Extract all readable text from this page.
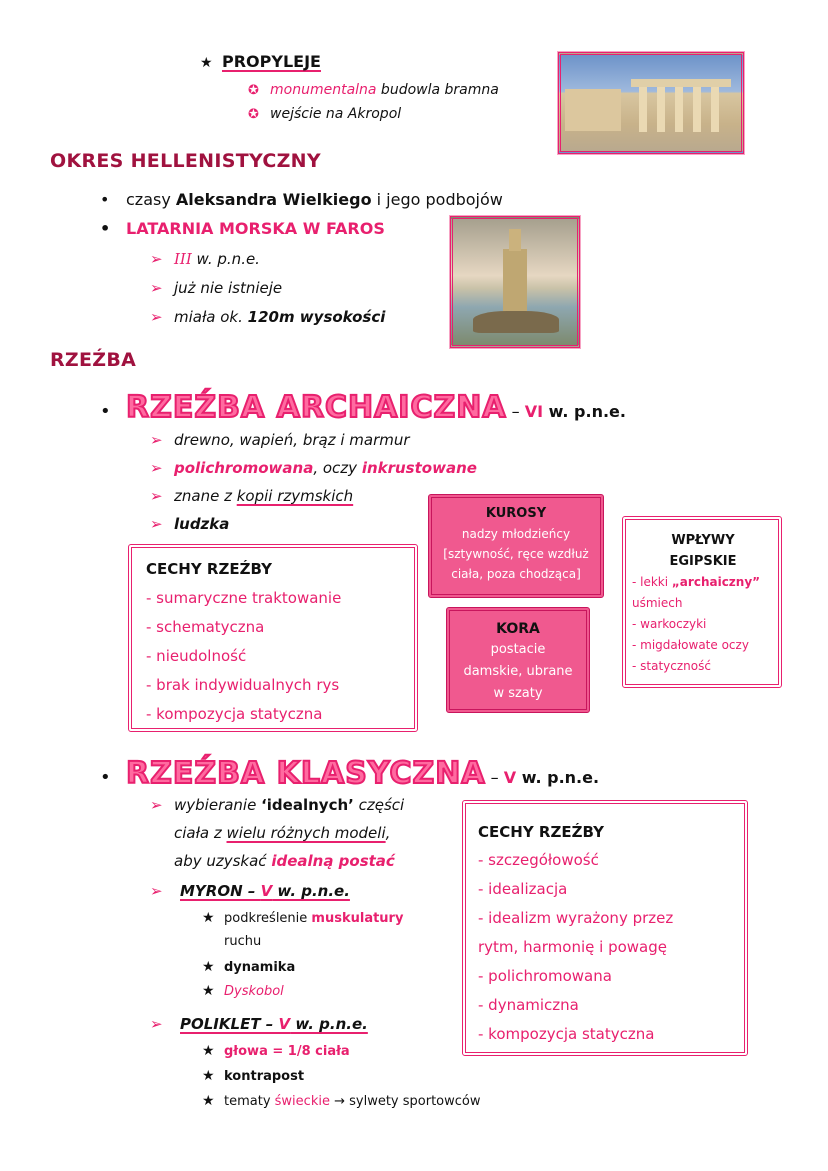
★ PROPYLEJE
✪ monumentalna budowla bramna
✪ wejście na Akropol
OKRES HELLENISTYCZNY
• czasy Aleksandra Wielkiego i jego podbojów
• LATARNIA MORSKA W FAROS
➢ III w. p.n.e.
➢ już nie istnieje
➢ miała ok. 120m wysokości
RZEŹBA
• RZEŹBA ARCHAICZNA – VI w. p.n.e.
➢ drewno, wapień, brąz i marmur
➢ polichromowana, oczy inkrustowane
➢ znane z kopii rzymskich
➢ ludzka
CECHY RZEŹBY
- sumaryczne traktowanie
- schematyczna
- nieudolność
- brak indywidualnych rys
- kompozycja statyczna
KUROSY
nadzy młodzieńcy
[sztywność, ręce wzdłuż
ciała, poza chodząca]
KORA
postacie
damskie, ubrane
w szaty
WPŁYWY
EGIPSKIE
- lekki „archaiczny”
uśmiech
- warkoczyki
- migdałowate oczy
- statyczność
• RZEŹBA KLASYCZNA – V w. p.n.e.
➢ wybieranie ‘idealnych’ części
ciała z wielu różnych modeli,
aby uzyskać idealną postać
➢ MYRON – V w. p.n.e.
★ podkreślenie muskulatury
ruchu
★ dynamika
★ Dyskobol
➢ POLIKLET – V w. p.n.e.
★ głowa = 1/8 ciała
★ kontrapost
★ tematy świeckie → sylwety sportowców
CECHY RZEŹBY
- szczegółowość
- idealizacja
- idealizm wyrażony przez
rytm, harmonię i powagę
- polichromowana
- dynamiczna
- kompozycja statyczna
